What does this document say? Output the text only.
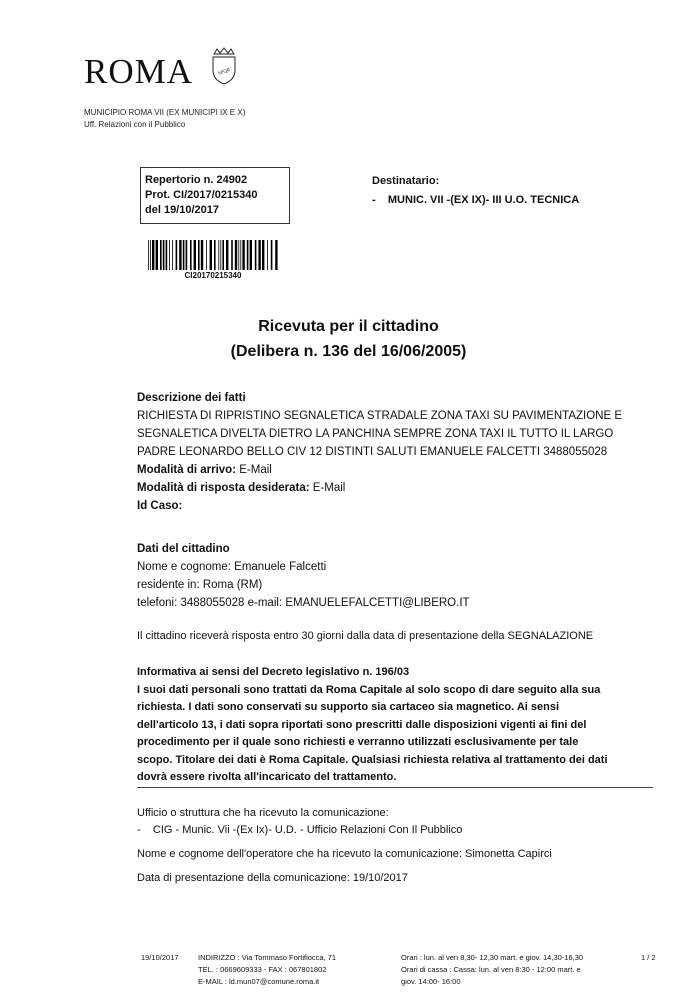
ROMA	SPQR
MUNICIPIO ROMA VII (EX MUNICIPI IX E X)
Uff. Relazioni con il Pubblico
Repertorio n. 24902
Prot. CI/2017/0215340
del 19/10/2017
Destinatario:
-    MUNIC. VII -(EX IX)- III U.O. TECNICA
CI20170215340
Ricevuta per il cittadino
(Delibera n. 136 del 16/06/2005)
Descrizione dei fatti
RICHIESTA DI RIPRISTINO SEGNALETICA STRADALE ZONA TAXI SU PAVIMENTAZIONE E
SEGNALETICA DIVELTA DIETRO LA PANCHINA SEMPRE ZONA TAXI IL TUTTO IL LARGO
PADRE LEONARDO BELLO CIV 12 DISTINTI SALUTI EMANUELE FALCETTI 3488055028
Modalità di arrivo: E-Mail
Modalità di risposta desiderata: E-Mail
Id Caso:
Dati del cittadino
Nome e cognome: Emanuele Falcetti
residente in: Roma (RM)
telefoni: 3488055028 e-mail: EMANUELEFALCETTI@LIBERO.IT
Il cittadino riceverà risposta entro 30 giorni dalla data di presentazione della SEGNALAZIONE
Informativa ai sensi del Decreto legislativo n. 196/03
I suoi dati personali sono trattati da Roma Capitale al solo scopo di dare seguito alla sua
richiesta. I dati sono conservati su supporto sia cartaceo sia magnetico. Ai sensi
dell'articolo 13, i dati sopra riportati sono prescritti dalle disposizioni vigenti ai fini del
procedimento per il quale sono richiesti e verranno utilizzati esclusivamente per tale
scopo. Titolare dei dati è Roma Capitale. Qualsiasi richiesta relativa al trattamento dei dati
dovrà essere rivolta all'incaricato del trattamento.
Ufficio o struttura che ha ricevuto la comunicazione:
-    CIG - Munic. Vii -(Ex Ix)- U.D. - Ufficio Relazioni Con Il Pubblico
Nome e cognome dell'operatore che ha ricevuto la comunicazione: Simonetta Capirci
Data di presentazione della comunicazione: 19/10/2017
19/10/2017	INDIRIZZO : Via Tommaso Fortifiocca, 71
TEL. : 0669609333 - FAX : 067801802
E-MAIL : ld.mun07@comune.roma.it
Orari : lun. al ven 8,30- 12,30 mart. e giov. 14,30-16,30
Orari di cassa : Cassa: lun. al ven 8:30 - 12:00 mart. e
giov. 14:00- 16:00
1 / 2
